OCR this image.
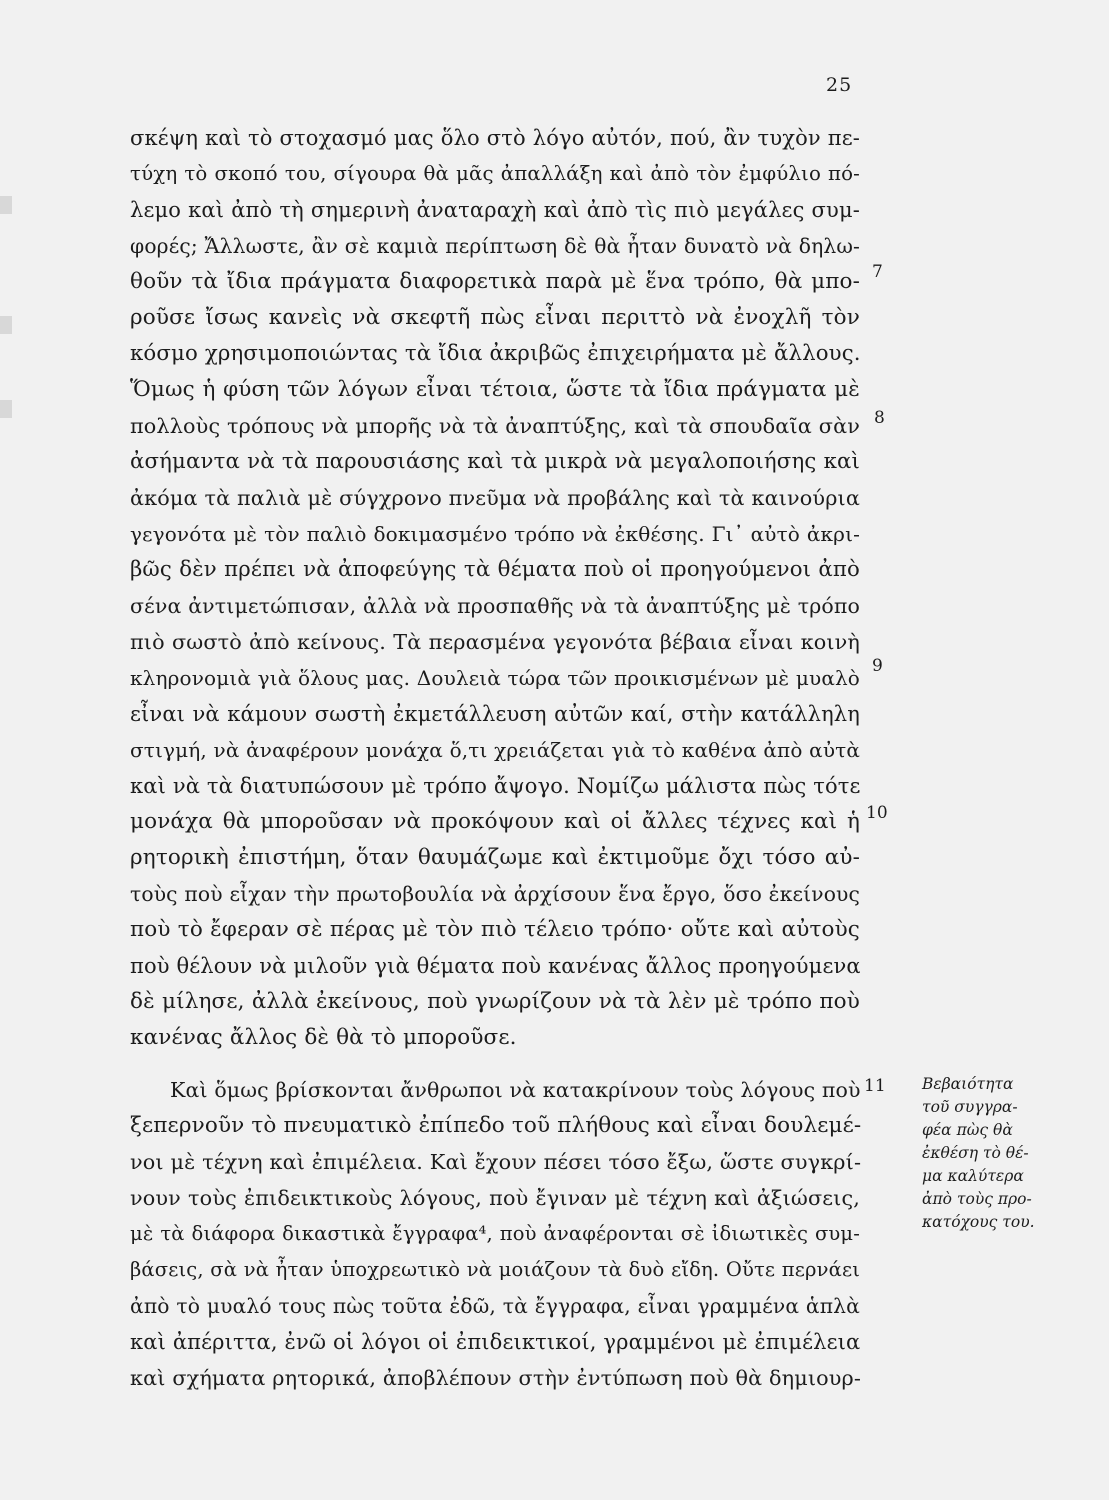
25
σκέψη καὶ τὸ στοχασμό μας ὅλο στὸ λόγο αὐτόν, πού, ἂν τυχὸν πε-
τύχη τὸ σκοπό του, σίγουρα θὰ μᾶς ἀπαλλάξη καὶ ἀπὸ τὸν ἐμφύλιο πό-
λεμο καὶ ἀπὸ τὴ σημερινὴ ἀναταραχὴ καὶ ἀπὸ τὶς πιὸ μεγάλες συμ-
φορές; Ἄλλωστε, ἂν σὲ καμιὰ περίπτωση δὲ θὰ ἦταν δυνατὸ νὰ δηλω-
θοῦν τὰ ἴδια πράγματα διαφορετικὰ παρὰ μὲ ἕνα τρόπο, θὰ μπο-
ροῦσε ἴσως κανεὶς νὰ σκεφτῆ πὼς εἶναι περιττὸ νὰ ἐνοχλῆ τὸν
κόσμο χρησιμοποιώντας τὰ ἴδια ἀκριβῶς ἐπιχειρήματα μὲ ἄλλους.
Ὅμως ἡ φύση τῶν λόγων εἶναι τέτοια, ὥστε τὰ ἴδια πράγματα μὲ
πολλοὺς τρόπους νὰ μπορῆς νὰ τὰ ἀναπτύξης, καὶ τὰ σπουδαῖα σὰν
ἀσήμαντα νὰ τὰ παρουσιάσης καὶ τὰ μικρὰ νὰ μεγαλοποιήσης καὶ
ἀκόμα τὰ παλιὰ μὲ σύγχρονο πνεῦμα νὰ προβάλης καὶ τὰ καινούρια
γεγονότα μὲ τὸν παλιὸ δοκιμασμένο τρόπο νὰ ἐκθέσης. Γι᾽ αὐτὸ ἀκρι-
βῶς δὲν πρέπει νὰ ἀποφεύγης τὰ θέματα ποὺ οἱ προηγούμενοι ἀπὸ
σένα ἀντιμετώπισαν, ἀλλὰ νὰ προσπαθῆς νὰ τὰ ἀναπτύξης μὲ τρόπο
πιὸ σωστὸ ἀπὸ κείνους. Τὰ περασμένα γεγονότα βέβαια εἶναι κοινὴ
κληρονομιὰ γιὰ ὅλους μας. Δουλειὰ τώρα τῶν προικισμένων μὲ μυαλὸ
εἶναι νὰ κάμουν σωστὴ ἐκμετάλλευση αὐτῶν καί, στὴν κατάλληλη
στιγμή, νὰ ἀναφέρουν μονάχα ὅ,τι χρειάζεται γιὰ τὸ καθένα ἀπὸ αὐτὰ
καὶ νὰ τὰ διατυπώσουν μὲ τρόπο ἄψογο. Νομίζω μάλιστα πὼς τότε
μονάχα θὰ μποροῦσαν νὰ προκόψουν καὶ οἱ ἄλλες τέχνες καὶ ἡ
ρητορικὴ ἐπιστήμη, ὅταν θαυμάζωμε καὶ ἐκτιμοῦμε ὄχι τόσο αὐ-
τοὺς ποὺ εἶχαν τὴν πρωτοβουλία νὰ ἀρχίσουν ἕνα ἔργο, ὅσο ἐκείνους
ποὺ τὸ ἔφεραν σὲ πέρας μὲ τὸν πιὸ τέλειο τρόπο· οὔτε καὶ αὐτοὺς
ποὺ θέλουν νὰ μιλοῦν γιὰ θέματα ποὺ κανένας ἄλλος προηγούμενα
δὲ μίλησε, ἀλλὰ ἐκείνους, ποὺ γνωρίζουν νὰ τὰ λὲν μὲ τρόπο ποὺ
κανένας ἄλλος δὲ θὰ τὸ μποροῦσε.
Καὶ ὅμως βρίσκονται ἄνθρωποι νὰ κατακρίνουν τοὺς λόγους ποὺ
ξεπερνοῦν τὸ πνευματικὸ ἐπίπεδο τοῦ πλήθους καὶ εἶναι δουλεμέ-
νοι μὲ τέχνη καὶ ἐπιμέλεια. Καὶ ἔχουν πέσει τόσο ἔξω, ὥστε συγκρί-
νουν τοὺς ἐπιδεικτικοὺς λόγους, ποὺ ἔγιναν μὲ τέχνη καὶ ἀξιώσεις,
μὲ τὰ διάφορα δικαστικὰ ἔγγραφα⁴, ποὺ ἀναφέρονται σὲ ἰδιωτικὲς συμ-
βάσεις, σὰ νὰ ἦταν ὑποχρεωτικὸ νὰ μοιάζουν τὰ δυὸ εἴδη. Οὔτε περνάει
ἀπὸ τὸ μυαλό τους πὼς τοῦτα ἐδῶ, τὰ ἔγγραφα, εἶναι γραμμένα ἁπλὰ
καὶ ἀπέριττα, ἐνῶ οἱ λόγοι οἱ ἐπιδεικτικοί, γραμμένοι μὲ ἐπιμέλεια
καὶ σχήματα ρητορικά, ἀποβλέπουν στὴν ἐντύπωση ποὺ θὰ δημιουρ-
7
8
9
10
11 Βεβαιότητα
τοῦ συγγρα-
φέα πὼς θὰ
ἐκθέση τὸ θέ-
μα καλύτερα
ἀπὸ τοὺς προ-
κατόχους του.
